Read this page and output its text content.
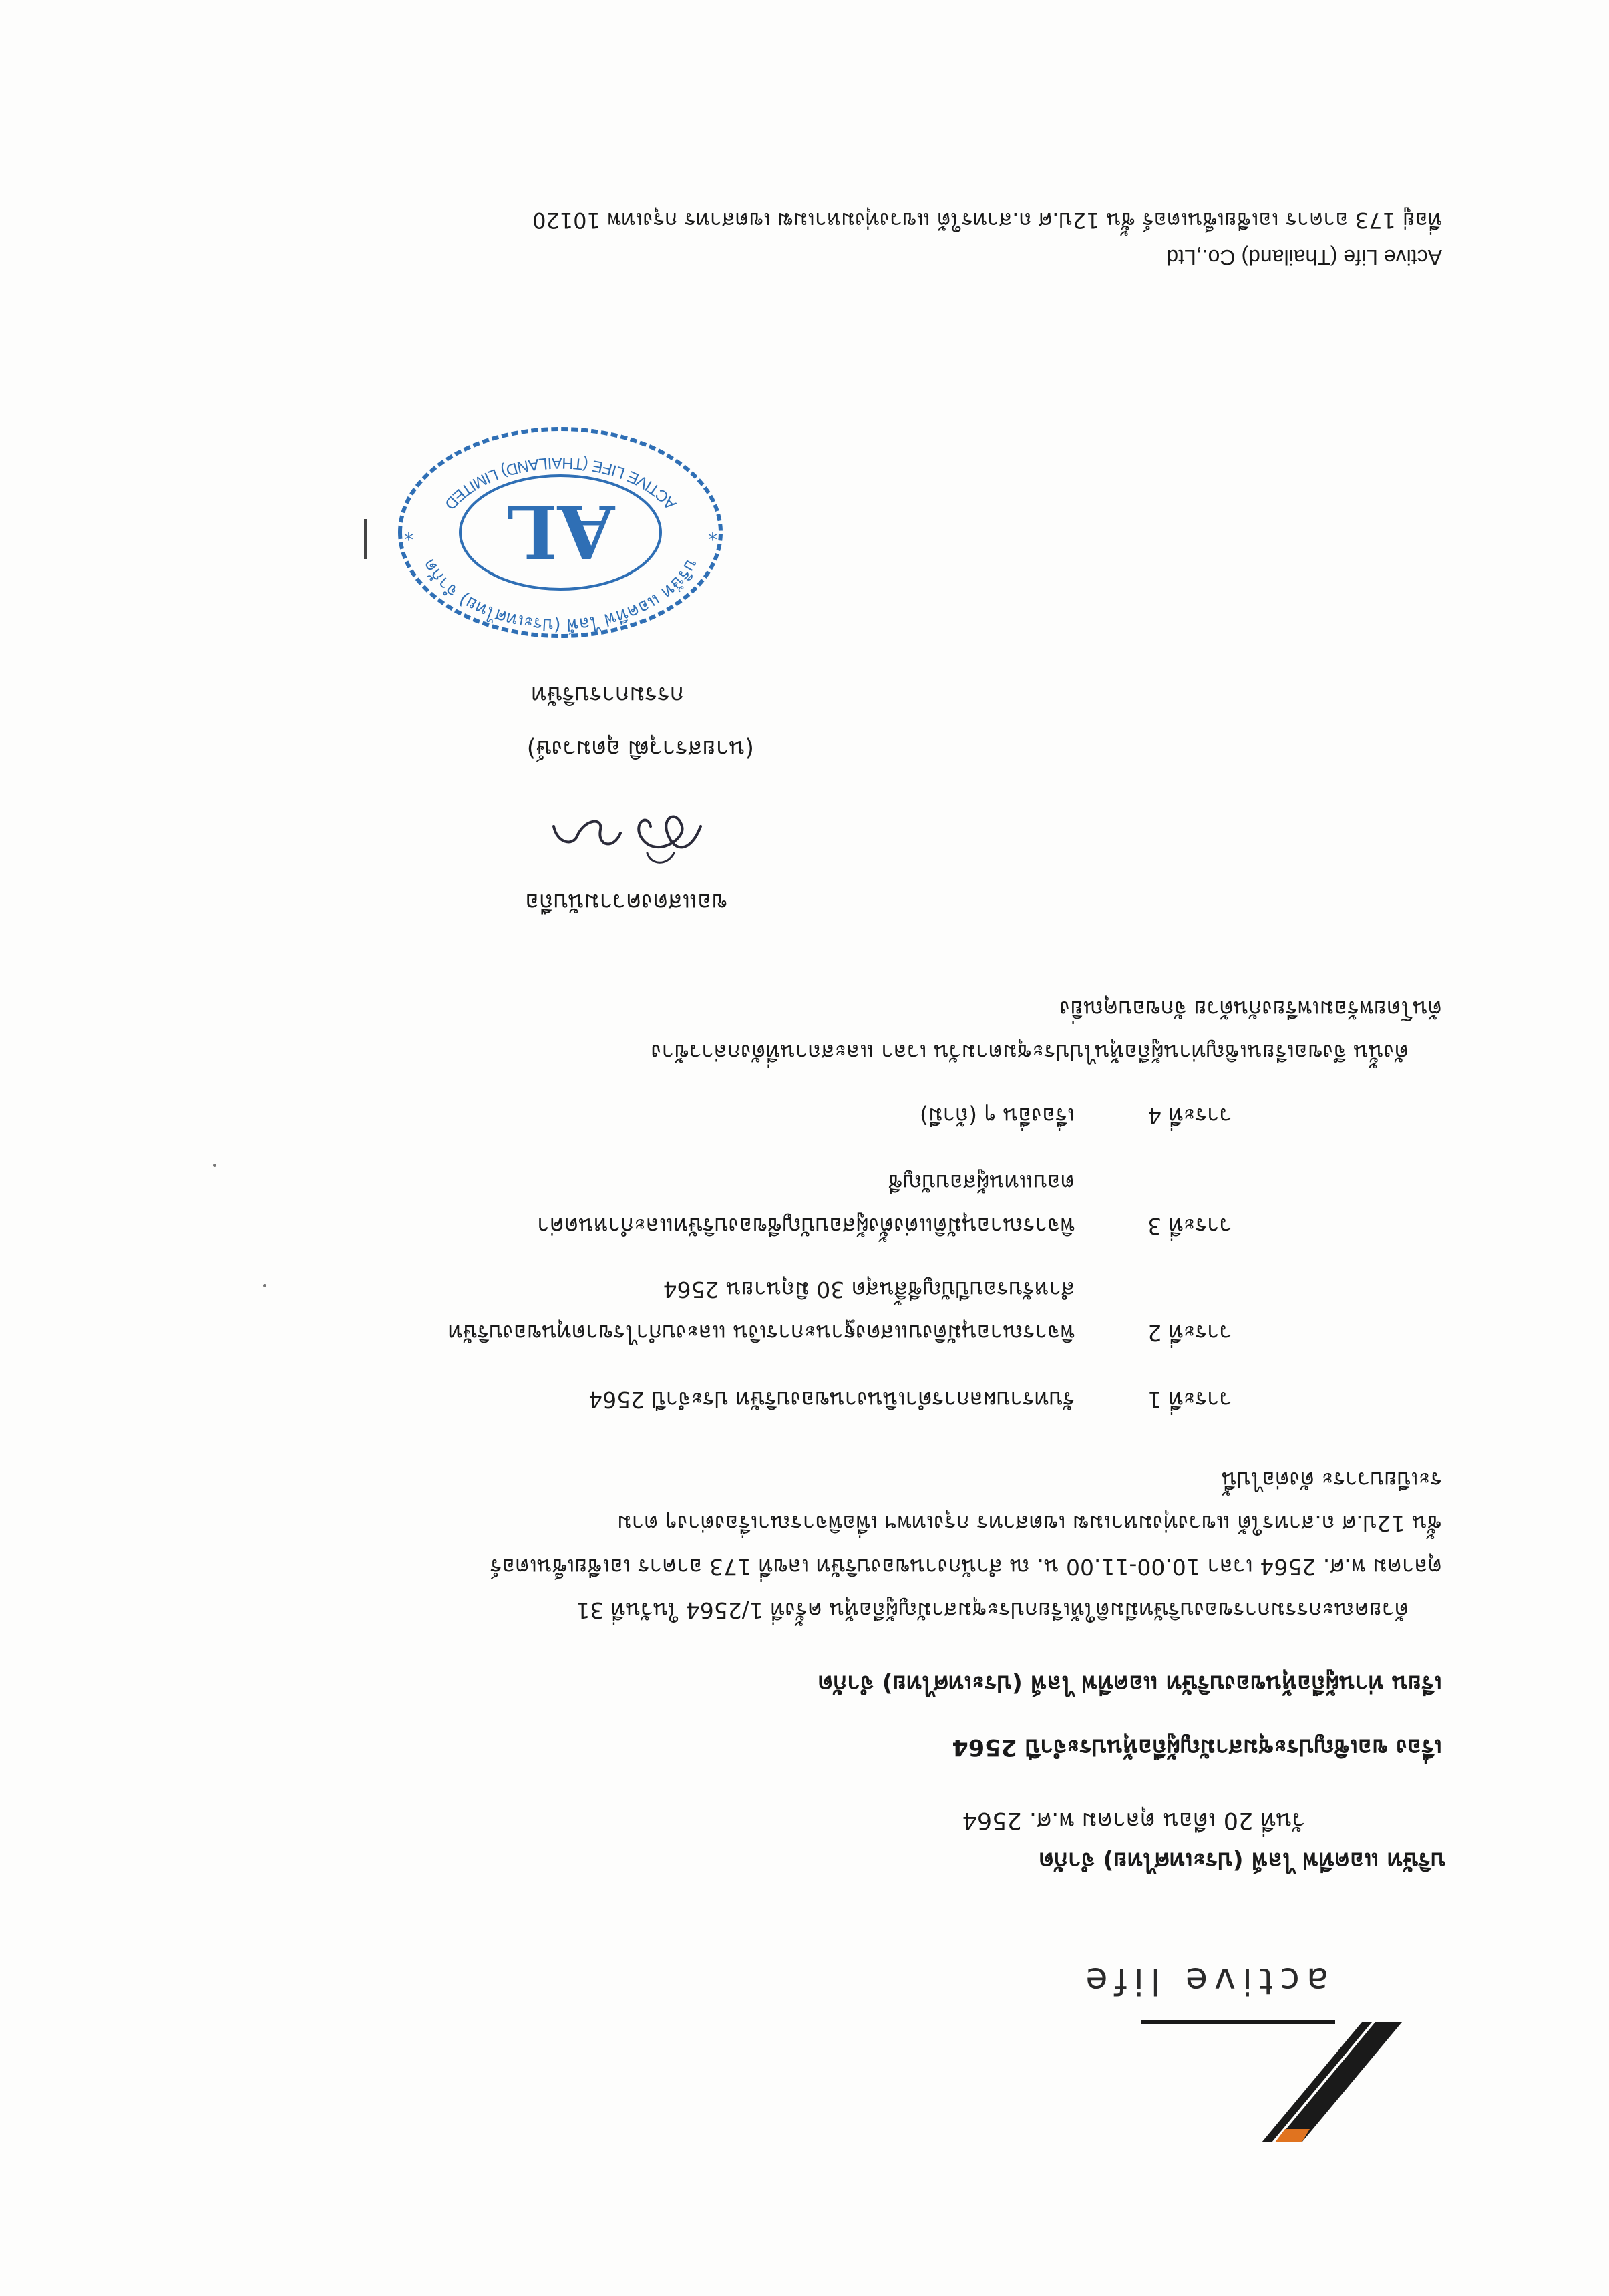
active life
บริษัท แอคทีฟ ไลฟ์ (ประเทศไทย) จำกัด
วันที่ 20 เดือน ตุลาคม พ.ศ. 2564
เรื่อง ขอเชิญประชุมสามัญผู้ถือหุ้นประจำปี 2564
เรียน ท่านผู้ถือหุ้นของบริษัท แอคทีฟ ไลฟ์ (ประเทศไทย) จำกัด
ด้วยคณะกรรมการของบริษัทมีมติให้เรียกประชุมสามัญผู้ถือหุ้น ครั้งที่ 1/2564 ในวันที่ 31
ตุลาคม พ.ศ. 2564 เวลา 10.00-11.00 น. ณ สำนักงานของบริษัท เลขที่ 173 อาคาร เอเชียเซ็นเตอร์
ชั้น 12ป.ศ ถ.สาทรใต้ แขวงทุ่งมหาเมฆ เขตสาทร กรุงเทพฯ เพื่อพิจารณาเรื่องต่างๆ ตาม
ระเบียบวาระ ดังต่อไปนี้
วาระที่ 1
รับทราบผลการดำเนินงานของบริษัท ประจำปี 2564
วาระที่ 2
พิจารณาอนุมัติงบแสดงฐานะการเงิน และงบกำไรขาดทุนของบริษัท
สำหรับรอบปีบัญชีสิ้นสุด 30 มิถุนายน 2564
วาระที่ 3
พิจารณาอนุมัติแต่งตั้งผู้สอบบัญชีของบริษัทและกำหนดค่า
ตอบแทนผู้สอบบัญชี
วาระที่ 4
เรื่องอื่น ๆ (ถ้ามี)
ดังนั้น จึงขอเรียนเชิญท่านผู้ถือหุ้นไปประชุมตามวัน เวลา และสถานที่ดังกล่าวข้าง
ต้นโดยพร้อมเพรียงกันด้วย จักขอบคุณยิ่ง
ขอแสดงความนับถือ
(นายสราวุฒิ อุดมวงษ์)
กรรมการบริษัท
AL	บริษัท แอคทีฟ ไลฟ์ (ประเทศไทย) จำกัด
ACTIVE LIFE (THAILAND) LIMITED
*
*
Active Life (Thailand) Co.,Ltd
ที่อยู่ 173 อาคาร เอเชียเซ็นเตอร์ ชั้น 12ป.ศ ถ.สาทรใต้ แขวงทุ่งมหาเมฆ เขตสาทร กรุงเทพ 10120
